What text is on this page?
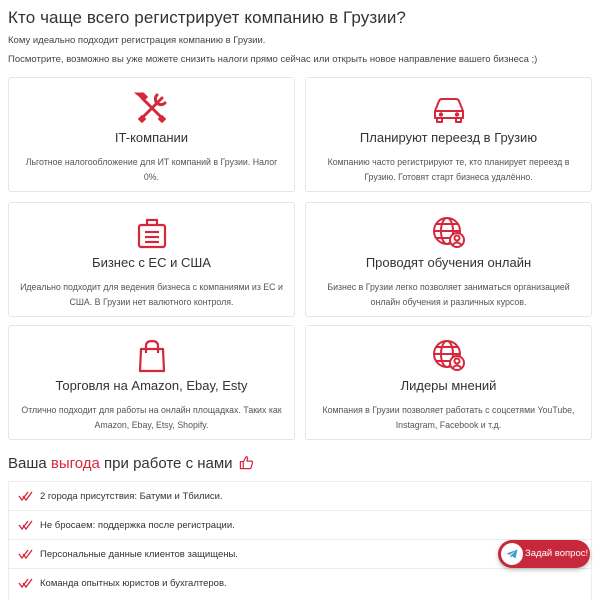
Кто чаще всего регистрирует компанию в Грузии?
Кому идеально подходит регистрация компанию в Грузии.
Посмотрите, возможно вы уже можете снизить налоги прямо сейчас или открыть новое направление вашего бизнеса ;)
IT-компании
Льготное налогообложение для ИТ компаний в Грузии. Налог 0%.
Планируют переезд в Грузию
Компанию часто регистрируют те, кто планирует переезд в Грузию. Готовят старт бизнеса удалённо.
Бизнес с ЕС и США
Идеально подходит для ведения бизнеса с компаниями из ЕС и США. В Грузии нет валютного контроля.
Проводят обучения онлайн
Бизнес в Грузии легко позволяет заниматься организацией онлайн обучения и различных курсов.
Торговля на Amazon, Ebay, Esty
Отлично подходит для работы на онлайн площадках. Таких как Amazon, Ebay, Etsy, Shopify.
Лидеры мнений
Компания в Грузии позволяет работать с соцсетями YouTube, Instagram, Facebook и т.д.
Ваша выгода при работе с нами
2 города присутствия: Батуми и Тбилиси.
Не бросаем: поддержка после регистрации.
Персональные данные клиентов защищены.
Команда опытных юристов и бухгалтеров.
Задай вопрос!
